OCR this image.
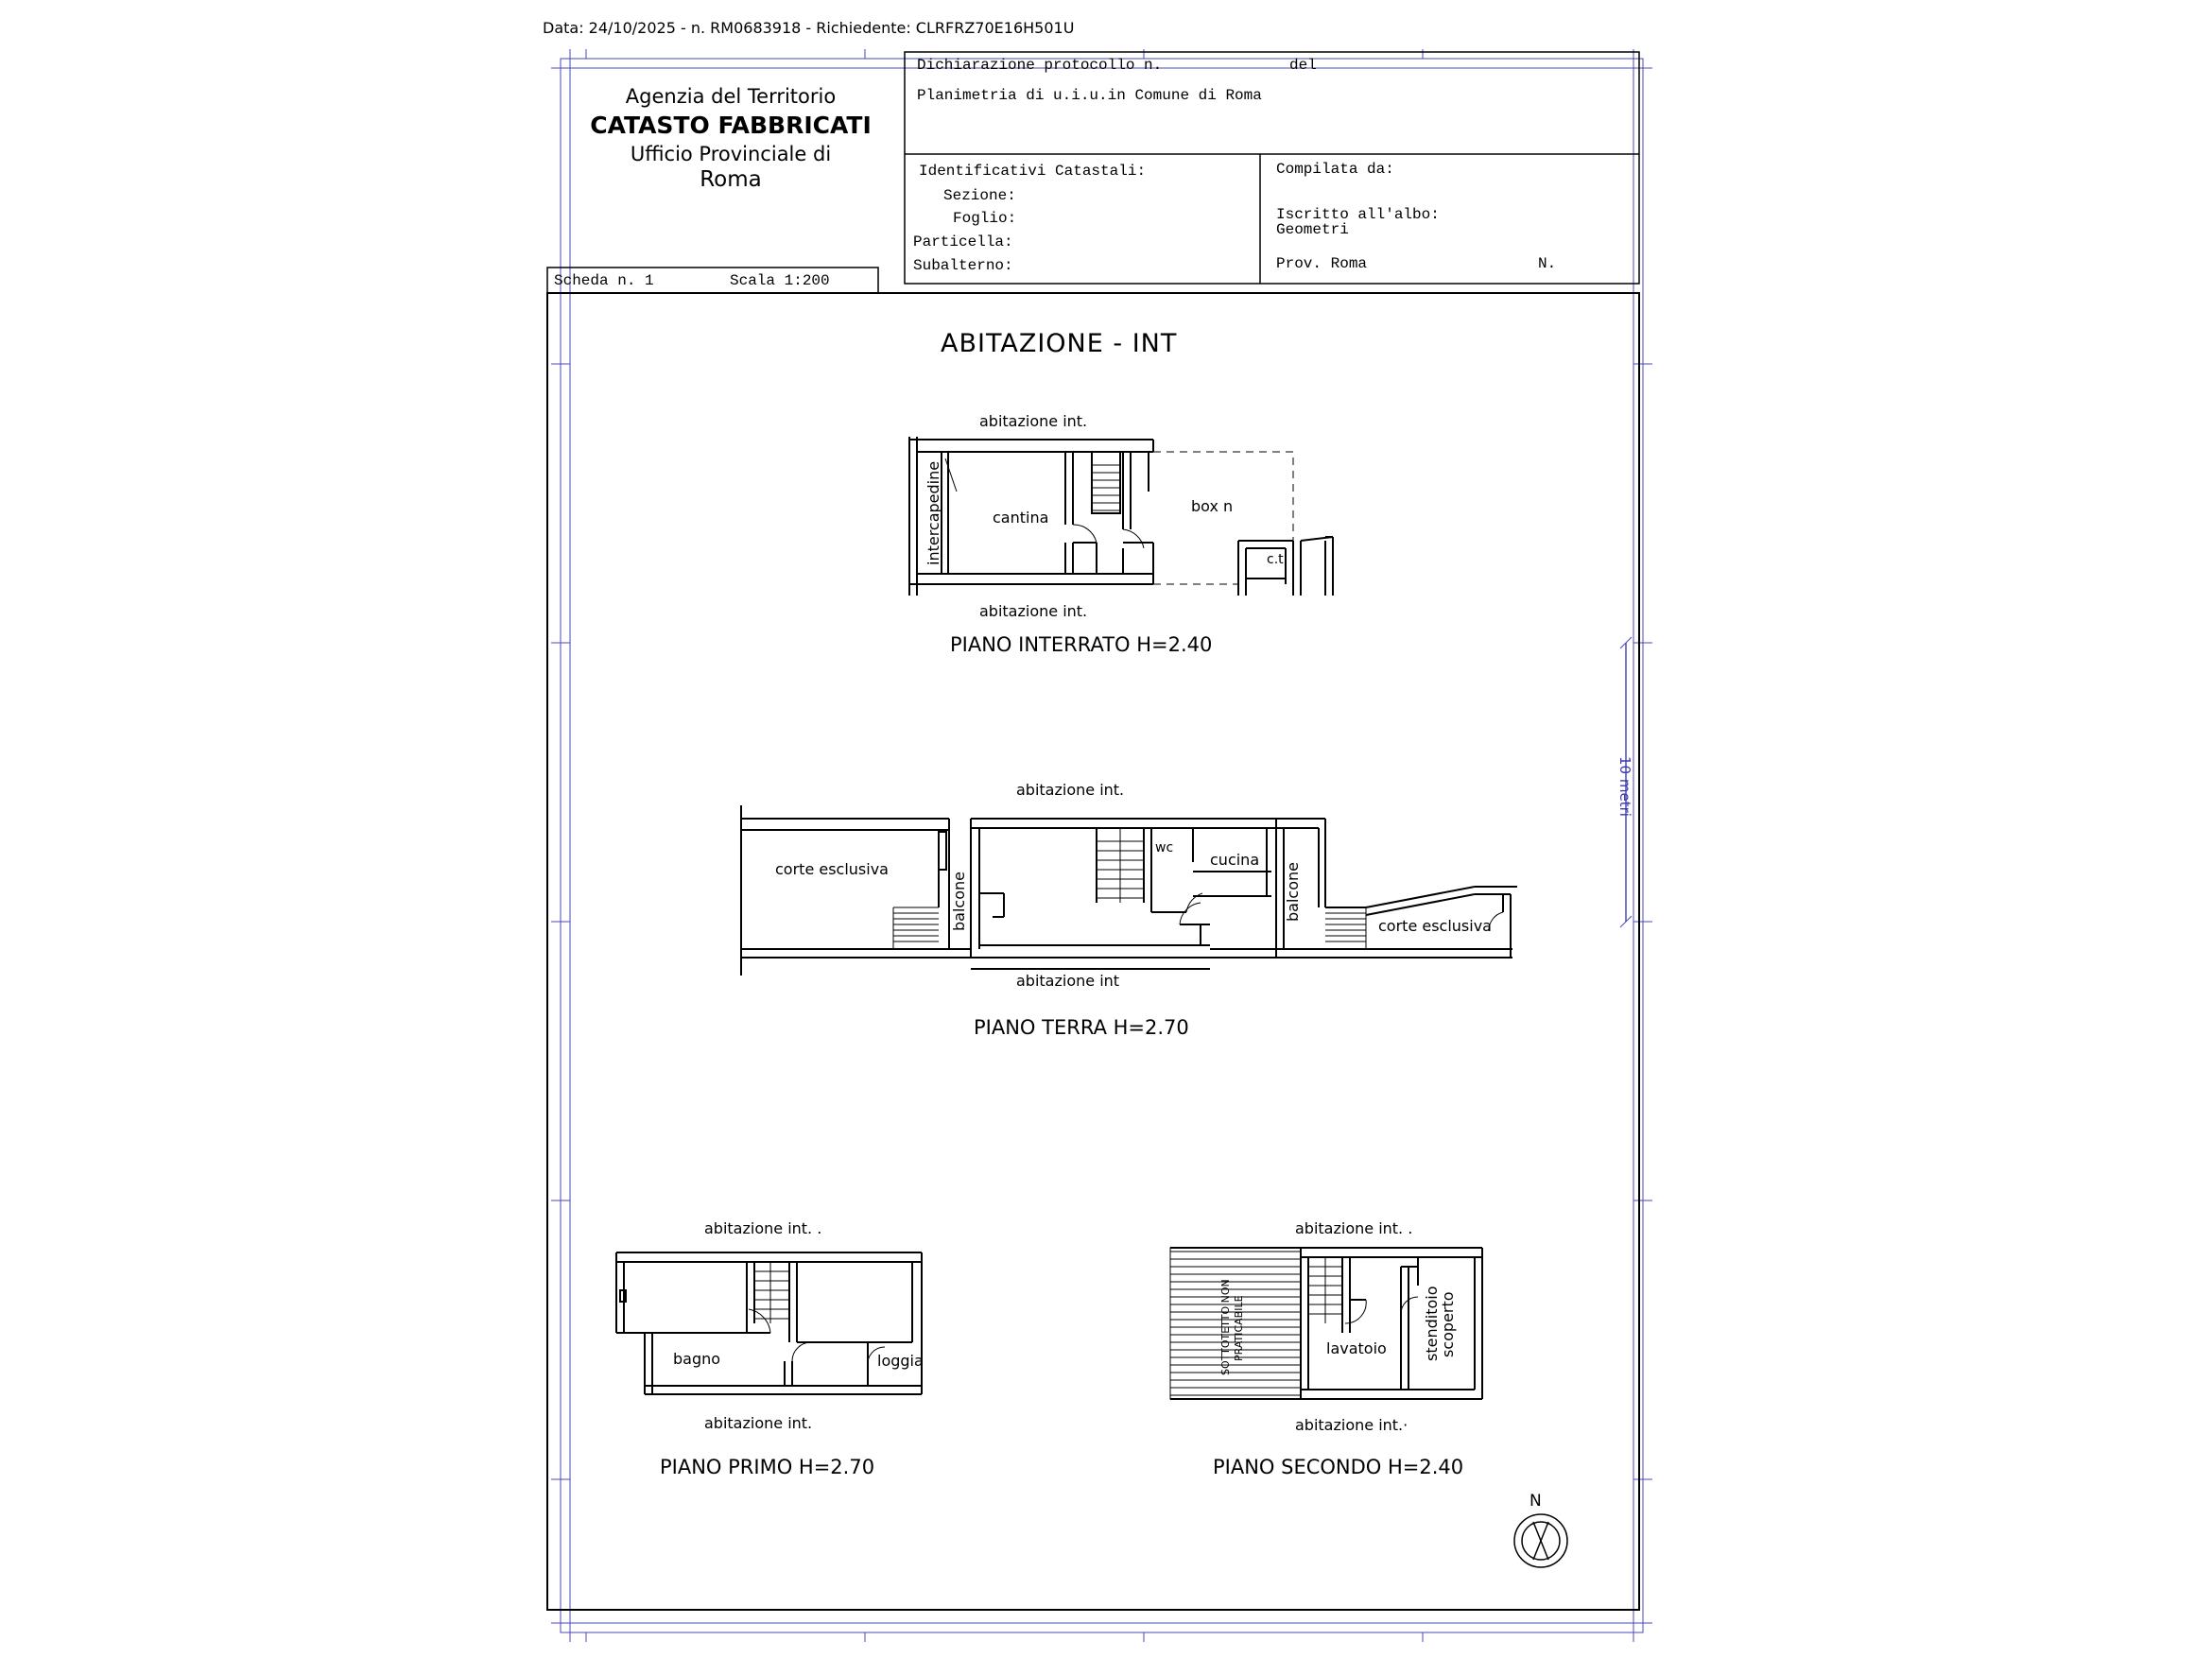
Data: 24/10/2025 - n. RM0683918 - Richiedente: CLRFRZ70E16H501U
Agenzia del Territorio
CATASTO FABBRICATI
Ufficio Provinciale di
Roma
Dichiarazione protocollo n.	del
Planimetria di u.i.u.in Comune di Roma
Identificativi Catastali:
Sezione:
Foglio:
Particella:
Subalterno:
Compilata da:
Iscritto all'albo:
Geometri
Prov. Roma	N.
Scheda n. 1	Scala 1:200
ABITAZIONE - INT
10 metri
abitazione int.
abitazione int.
intercapedine	cantina
box n
c.t.
PIANO INTERRATO H=2.40
abitazione int.
abitazione int
corte esclusiva
balcone
wc
cucina
balcone
corte esclusiva
PIANO TERRA H=2.70
abitazione int. .
abitazione int.
bagno	loggia
PIANO PRIMO H=2.70
abitazione int. .
abitazione int.·
SOTTOTETTO NON PRATICABILE	lavatoio stenditoio
scoperto
PIANO SECONDO H=2.40
N
